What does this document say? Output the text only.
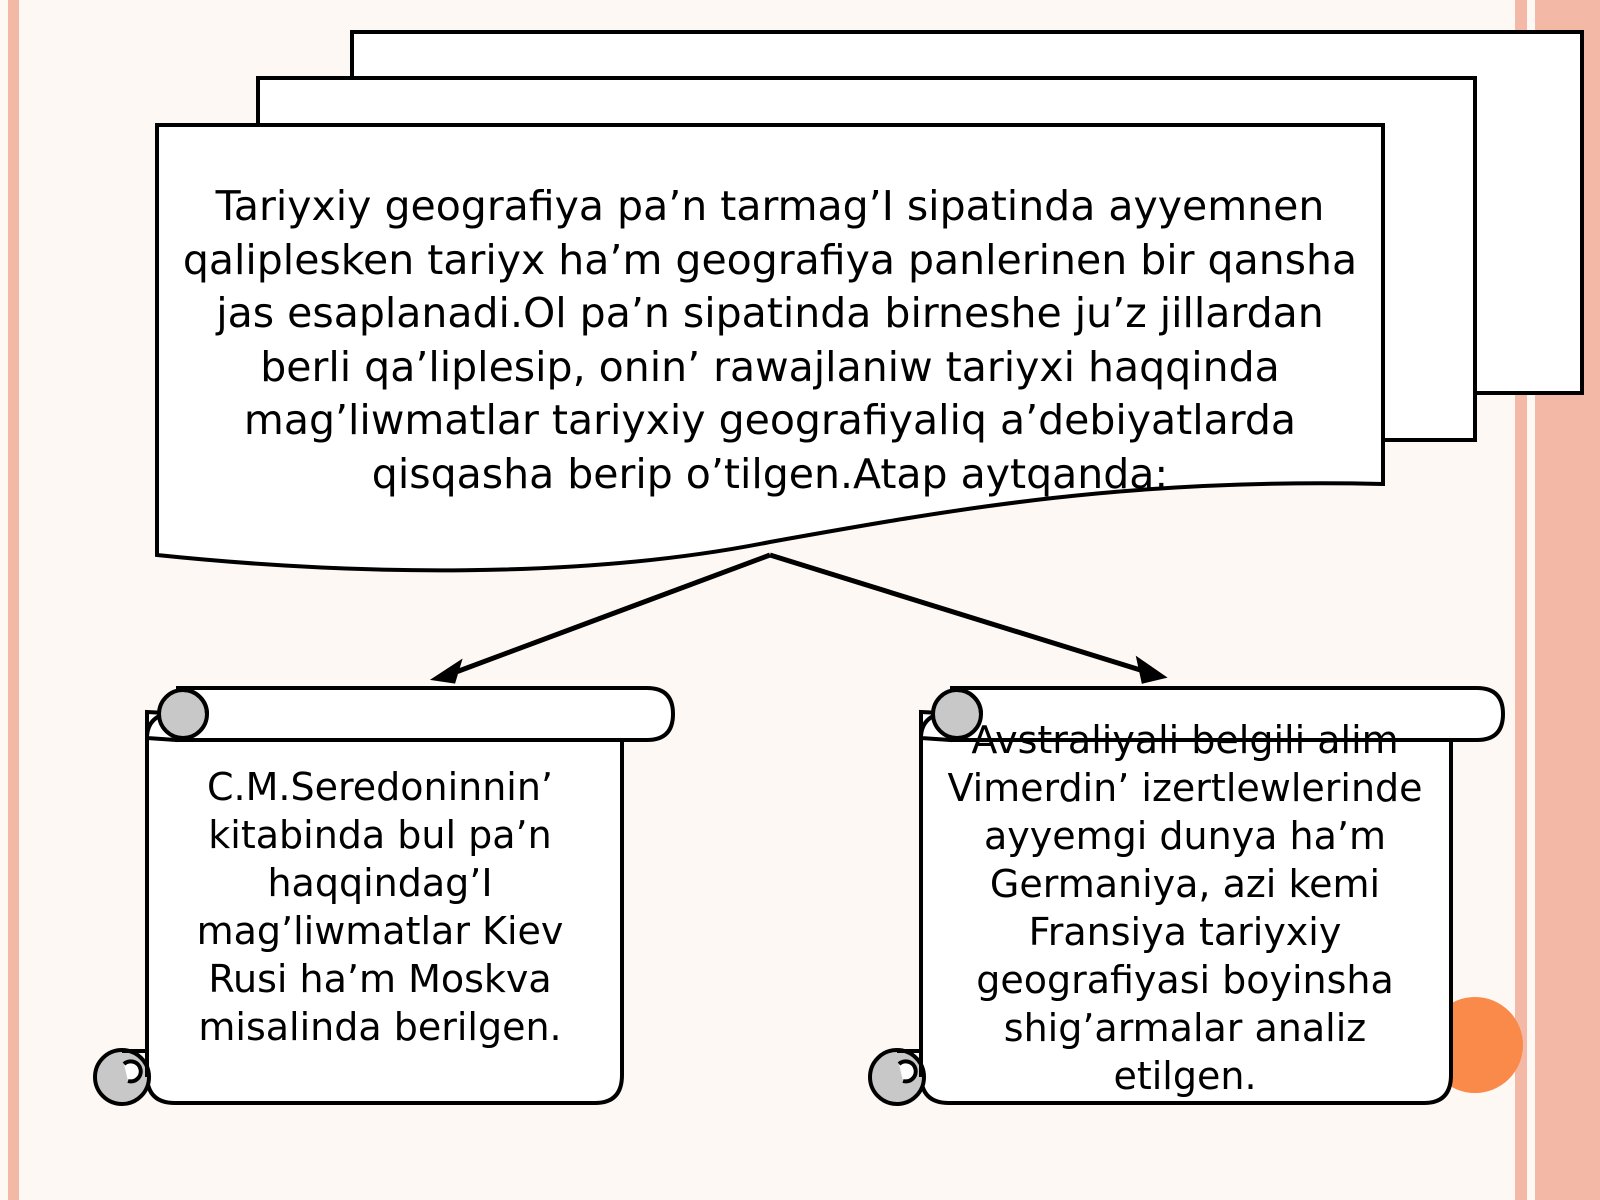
Tariyxiy geografiya pa’n tarmag’I sipatinda ayyemnen
qaliplesken tariyx ha’m geografiya panlerinen bir qansha
jas esaplanadi.Ol pa’n sipatinda birneshe ju’z jillardan
berli qa’liplesip, onin’ rawajlaniw tariyxi haqqinda
mag’liwmatlar tariyxiy geografiyaliq a’debiyatlarda
qisqasha berip o’tilgen.Atap aytqanda:
C.M.Seredoninnin’
kitabinda bul pa’n
haqqindag’I
mag’liwmatlar Kiev
Rusi ha’m Moskva
misalinda berilgen.
Avstraliyali belgili alim
Vimerdin’ izertlewlerinde
ayyemgi dunya ha’m
Germaniya, azi kemi
Fransiya tariyxiy
geografiyasi boyinsha
shig’armalar analiz
etilgen.
